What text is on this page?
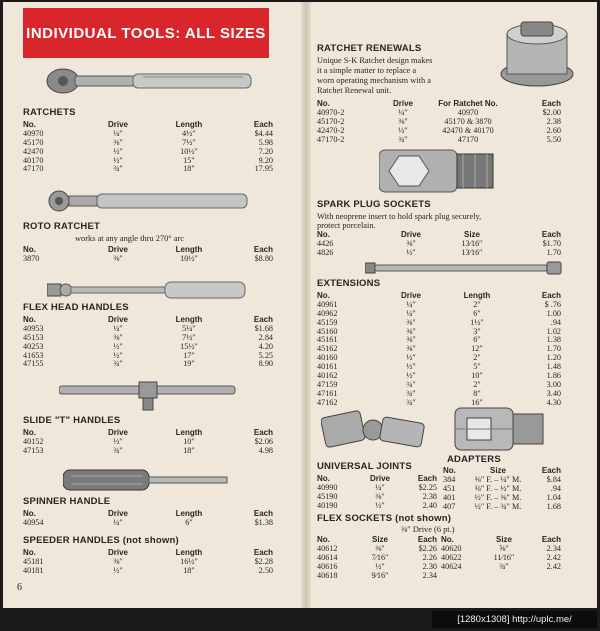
INDIVIDUAL TOOLS: ALL SIZES
RATCHETS
No.	Drive	Length	Each
40970	¼″	4½″	$4.44
45170	⅜″	7½″	5.98
42470	½″	10½″	7.20
40170	½″	15″	9.20
47170	¾″	18″	17.95
ROTO RATCHET
works at any angle thru 270° arc
No.	Drive	Length	Each
3870	⅜″	10½″	$8.80
FLEX HEAD HANDLES
No.	Drive	Length	Each
40953	¼″	5¼″	$1.68
45153	⅜″	7½″	2.84
40253	½″	15½″	4.20
41653	½″	17″	5.25
47155	¾″	19″	8.90
SLIDE "T" HANDLES
No.	Drive	Length	Each
40152	½″	10″	$2.06
47153	¾″	18″	4.98
SPINNER HANDLE
No.	Drive	Length	Each
40954	¼″	6″	$1.38
SPEEDER HANDLES (not shown)
No.	Drive	Length	Each
45181	⅜″	16½″	$2.28
40181	½″	18″	2.50
6
RATCHET RENEWALS
Unique S-K Ratchet design makes
it a simple matter to replace a
worn operating mechanism with a
Ratchet Renewal unit.
No.	Drive	For Ratchet No.	Each
40970-2	¼″	40970	$2.00
45170-2	⅜″	45170 & 3870	2.38
42470-2	½″	42470 & 40170	2.60
47170-2	¾″	47170	5.50
SPARK PLUG SOCKETS
With neoprene insert to hold spark plug securely,
protect porcelain.
No.	Drive	Size	Each
4426	⅜″	13⁄16″	$1.70
4826	½″	13⁄16″	1.70
EXTENSIONS
No.	Drive	Length	Each
40961	¼″	2″	$ .76
40962	¼″	6″	1.00
45159	⅜″	1½″	.94
45160	⅜″	3″	1.02
45161	⅜″	6″	1.38
45162	⅜″	12″	1.70
40160	½″	2″	1.20
40161	½″	5″	1.48
40162	½″	10″	1.86
47159	¾″	2″	3.00
47161	¾″	8″	3.40
47162	¾″	16″	4.30
UNIVERSAL JOINTS
No.	Drive	Each
40990	¼″	$2.25
45190	⅜″	2.38
40190	½″	2.40
ADAPTERS
No.	Size	Each
384	⅜″ F. – ¼″ M.	$.84
451	⅜″ F. – ½″ M.	.94
401	½″ F. – ⅜″ M.	1.04
407	½″ F. – ¾″ M.	1.68
FLEX SOCKETS (not shown)
⅜″ Drive (6 pt.)
No.	Size	Each
40612	⅜″	$2.26
40614	7⁄16″	2.26
40616	½″	2.30
40618	9⁄16″	2.34
No.	Size	Each
40620	⅝″	2.34
40622	11⁄16″	2.42
40624	¾″	2.42
[1280x1308] http://uplc.me/
